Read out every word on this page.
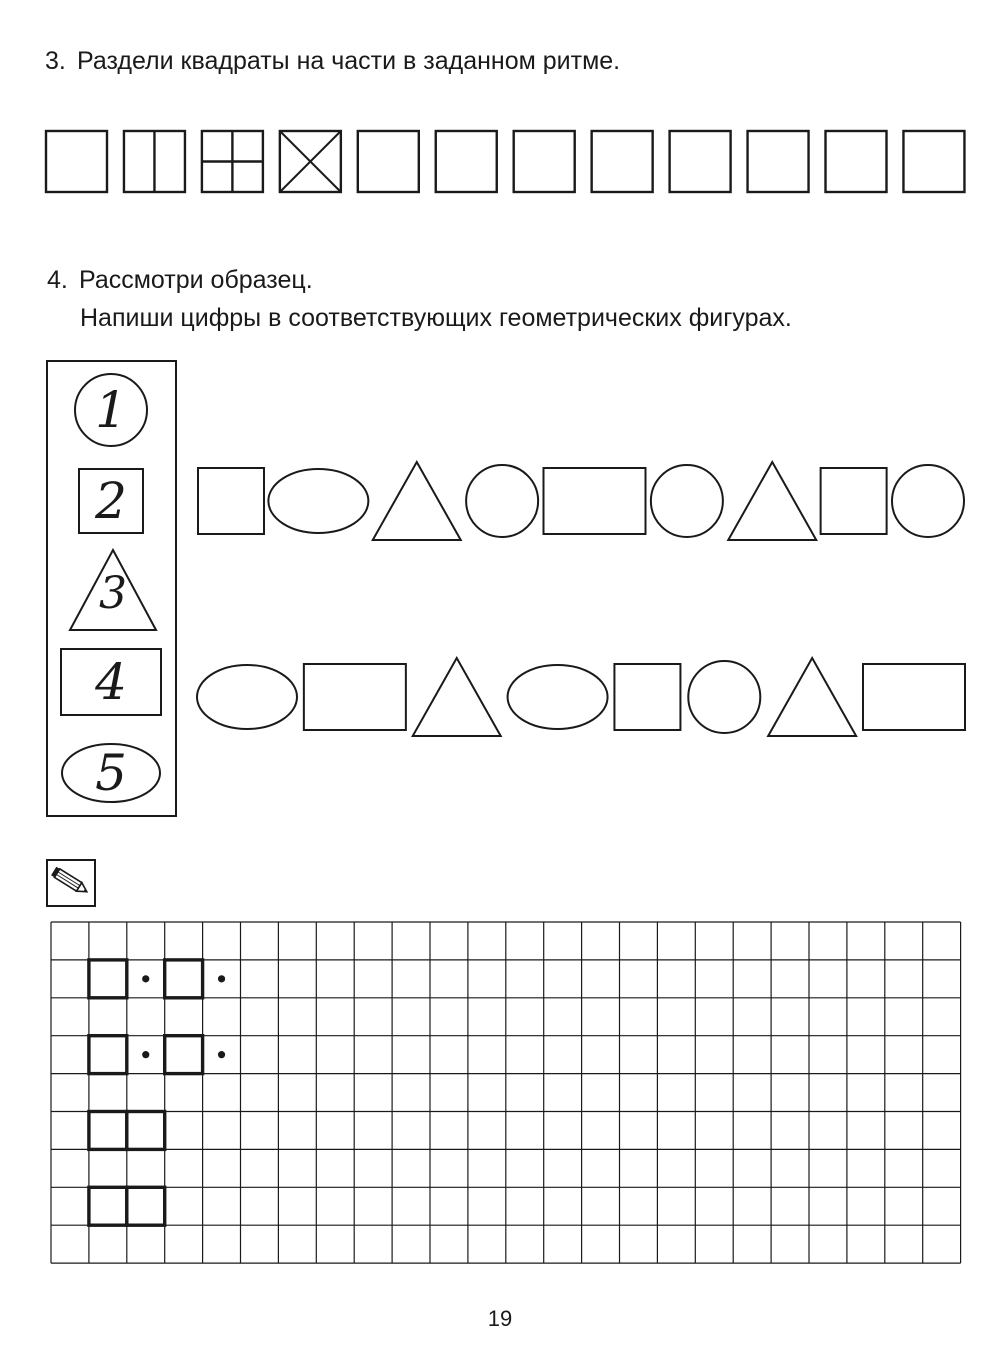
3. Раздели квадраты на части в заданном ритме.
4. Рассмотри образец.
Напиши цифры в соответствующих геометрических фигурах.
1
2
3
4
5
19
